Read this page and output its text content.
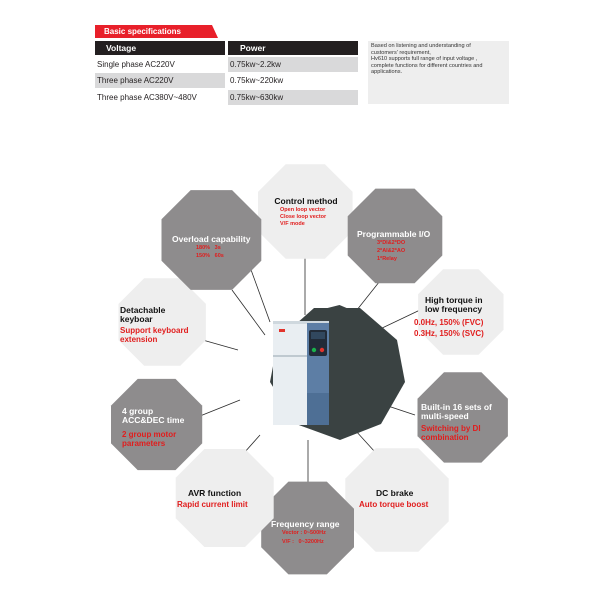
Basic specifications
Voltage	Power
Single phase AC220V	0.75kw~2.2kw
Three phase AC220V	0.75kw~220kw
Three phase AC380V~480V	0.75kw~630kw
Based on listening and understanding of
customers' requirement,
Hv610 supports full range of input voltage ,
complete functions for different countries and
applications.
Control method
Open loop vector
Close loop vector
V/F mode
Programmable I/O
3*DI&2*DO
2*AI&2*AO
1*Relay
High torque in
low frequency
0.0Hz, 150% (FVC)
0.3Hz, 150% (SVC)
Built-in 16 sets of
multi-speed
Switching by DI
combination
DC brake
Auto torque boost
Frequency range
Vector : 0~500Hz
V/F :   0~3200Hz
AVR function
Rapid current limit
4 group
ACC&DEC time
2 group motor
parameters
Detachable
keyboar
Support keyboard
extension
Overload capability
180%   3s
150%   60s
